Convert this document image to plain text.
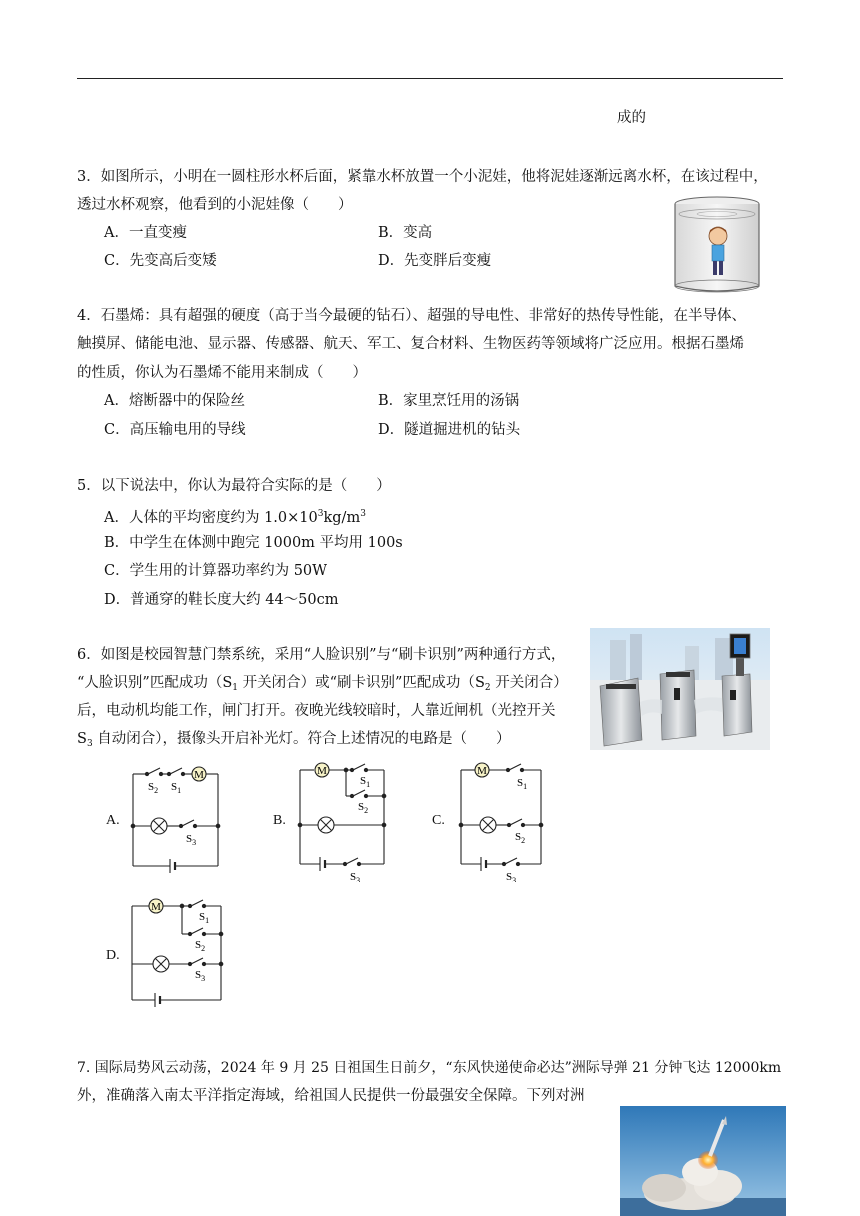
成的
3．如图所示，小明在一圆柱形水杯后面，紧靠水杯放置一个小泥娃，他将泥娃逐渐远离水杯，在该过程中，
透过水杯观察，他看到的小泥娃像（　　）
A．一直变瘦	B．变高
C．先变高后变矮	D．先变胖后变瘦
4．石墨烯：具有超强的硬度（高于当今最硬的钻石）、超强的导电性、非常好的热传导性能，在半导体、
触摸屏、储能电池、显示器、传感器、航天、军工、复合材料、生物医药等领域将广泛应用。根据石墨烯
的性质，你认为石墨烯不能用来制成（　　）
A．熔断器中的保险丝	B．家里烹饪用的汤锅
C．高压输电用的导线	D．隧道掘进机的钻头
5．以下说法中，你认为最符合实际的是（　　）
A．人体的平均密度约为 $1.0\times 10^3kg/m^3$
B．中学生在体测中跑完 1000m 平均用 100s
C．学生用的计算器功率约为 50W
D．普通穿的鞋长度大约 44～50cm
6．如图是校园智慧门禁系统，采用“人脸识别”与“刷卡识别”两种通行方式，
“人脸识别”匹配成功（$S_1$ 开关闭合）或“刷卡识别”匹配成功（$S_2$ 开关闭合）
后，电动机均能工作，闸门打开。夜晚光线较暗时，人靠近闸机（光控开关
$S_3$ 自动闭合），摄像头开启补光灯。符合上述情况的电路是（　　）
A.	B.	C.
D.
M
$S_2$ $S_1$
$S_3$
M
$S_1$
$S_2$
$S_3$
M
$S_1$
$S_2$
$S_3$
M
$S_1$
$S_2$
$S_3$
7. 国际局势风云动荡，2024 年 9 月 25 日祖国生日前夕，“东风快递使命必达”洲际导弹 21 分钟飞达 12000km
外，准确落入南太平洋指定海域，给祖国人民提供一份最强安全保障。下列对洲
